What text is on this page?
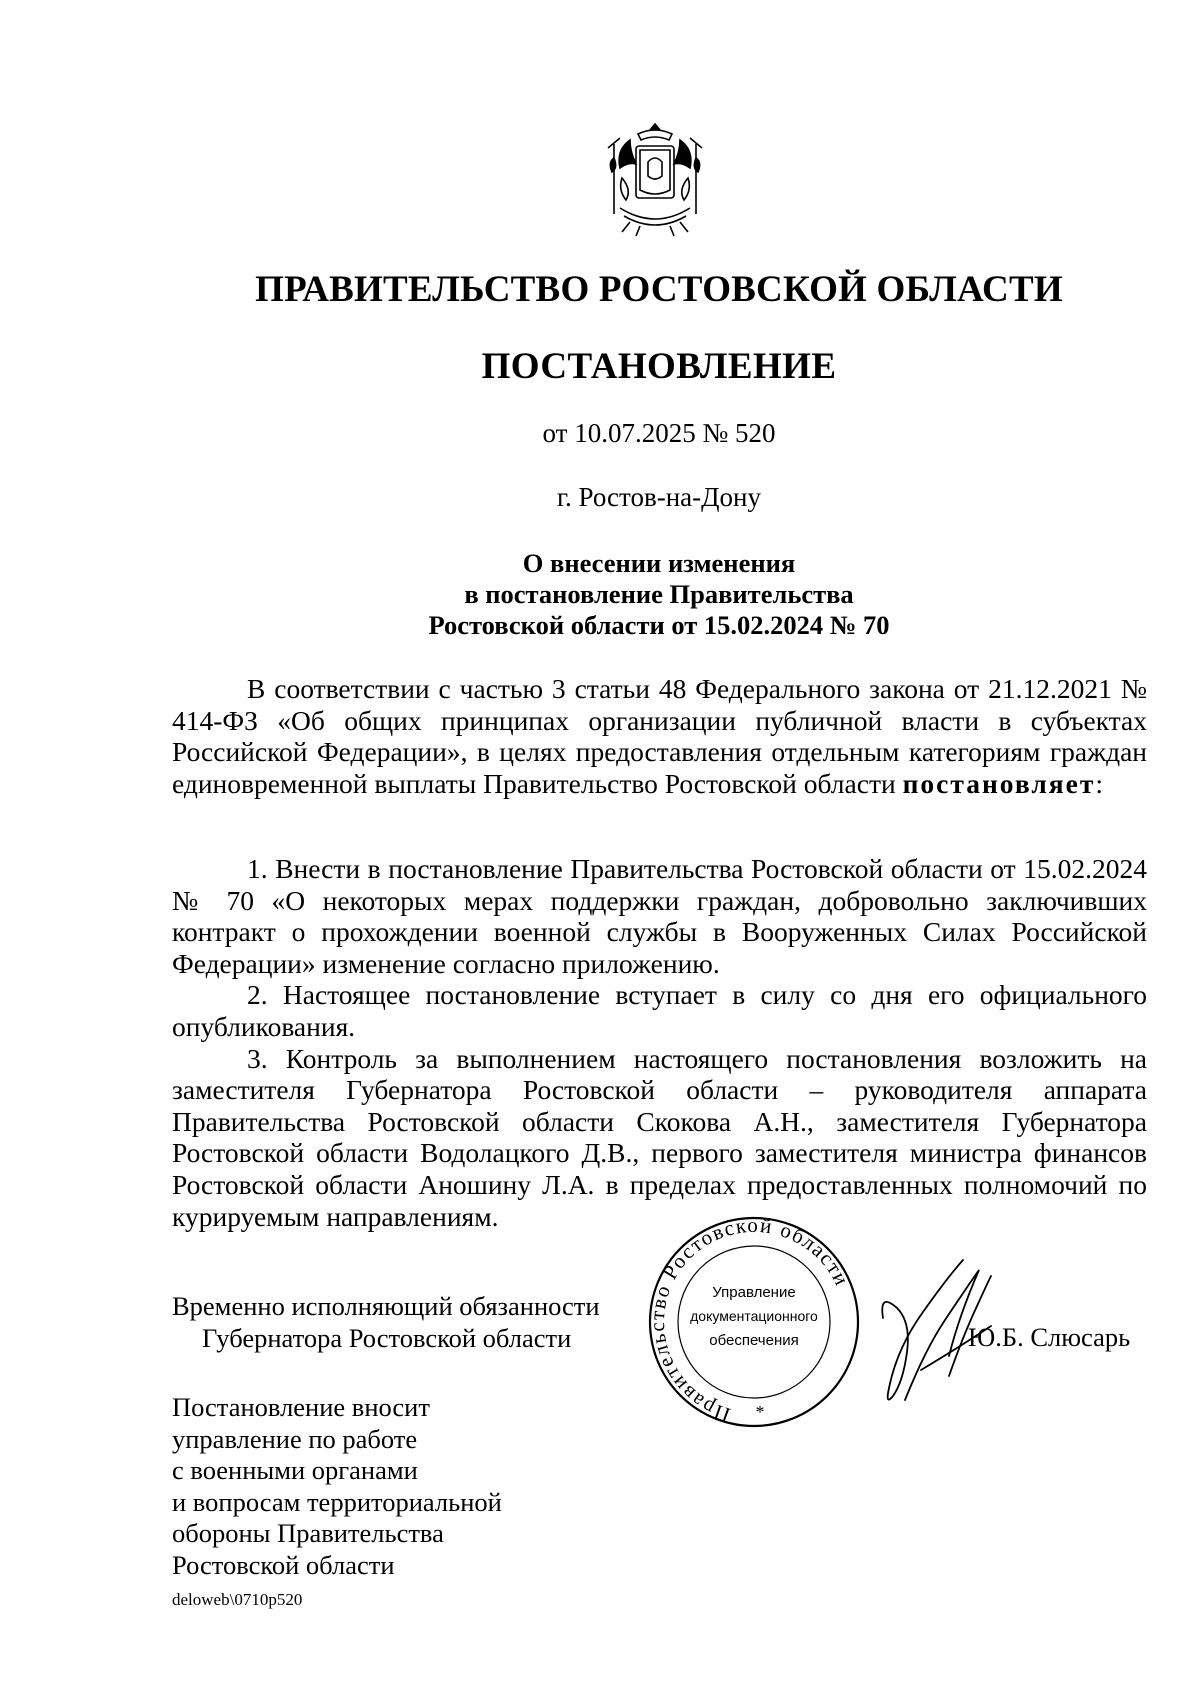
ПРАВИТЕЛЬСТВО РОСТОВСКОЙ ОБЛАСТИ
ПОСТАНОВЛЕНИЕ
от 10.07.2025 № 520
г. Ростов-на-Дону
О внесении изменения
в постановление Правительства
Ростовской области от 15.02.2024 № 70

В соответствии с частью 3 статьи 48 Федерального закона от 21.12.2021 № 414-ФЗ «Об общих принципах организации публичной власти в субъектах Российской Федерации», в целях предоставления отдельным категориям граждан единовременной выплаты Правительство Ростовской области постановляет:

1. Внести в постановление Правительства Ростовской области от 15.02.2024 № 70 «О некоторых мерах поддержки граждан, добровольно заключивших контракт о прохождении военной службы в Вооруженных Силах Российской Федерации» изменение согласно приложению.

2. Настоящее постановление вступает в силу со дня его официального опубликования.

3. Контроль за выполнением настоящего постановления возложить на заместителя Губернатора Ростовской области – руководителя аппарата Правительства Ростовской области Скокова А.Н., заместителя Губернатора Ростовской области Водолацкого Д.В., первого заместителя министра финансов Ростовской области Аношину Л.А. в пределах предоставленных полномочий по курируемым направлениям.

Временно исполняющий обязанности
Губернатора Ростовской области
Правительство Ростовской области
Управление
документационного
обеспечения
*
Ю.Б. Слюсарь
Постановление вносит
управление по работе
с военными органами
и вопросам территориальной
обороны Правительства
Ростовской области
deloweb\0710p520
